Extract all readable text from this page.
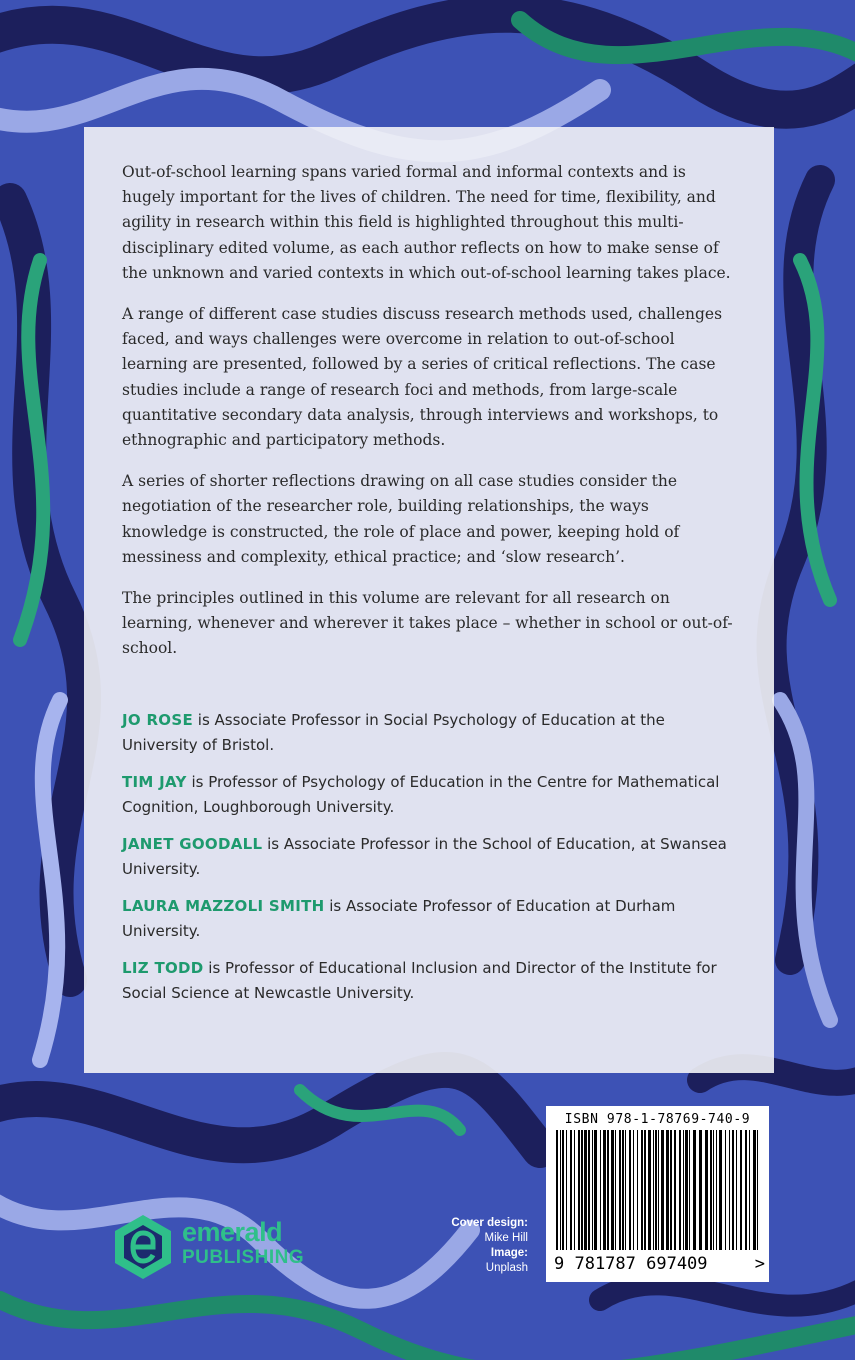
Out-of-school learning spans varied formal and informal contexts and is hugely important for the lives of children. The need for time, flexibility, and agility in research within this field is highlighted throughout this multi-disciplinary edited volume, as each author reflects on how to make sense of the unknown and varied contexts in which out-of-school learning takes place.

A range of different case studies discuss research methods used, challenges faced, and ways challenges were overcome in relation to out-of-school learning are presented, followed by a series of critical reflections. The case studies include a range of research foci and methods, from large-scale quantitative secondary data analysis, through interviews and workshops, to ethnographic and participatory methods.

A series of shorter reflections drawing on all case studies consider the negotiation of the researcher role, building relationships, the ways knowledge is constructed, the role of place and power, keeping hold of messiness and complexity, ethical practice; and ‘slow research’.

The principles outlined in this volume are relevant for all research on learning, whenever and wherever it takes place – whether in school or out-of-school.

JO ROSE is Associate Professor in Social Psychology of Education at the University of Bristol.

TIM JAY is Professor of Psychology of Education in the Centre for Mathematical Cognition, Loughborough University.

JANET GOODALL is Associate Professor in the School of Education, at Swansea University.

LAURA MAZZOLI SMITH is Associate Professor of Education at Durham University.

LIZ TODD is Professor of Educational Inclusion and Director of the Institute for Social Science at Newcastle University.

emerald
PUBLISHING
Cover design:
Mike Hill
Image:
Unplash
ISBN 978-1-78769-740-9
9 781787 697409	>
